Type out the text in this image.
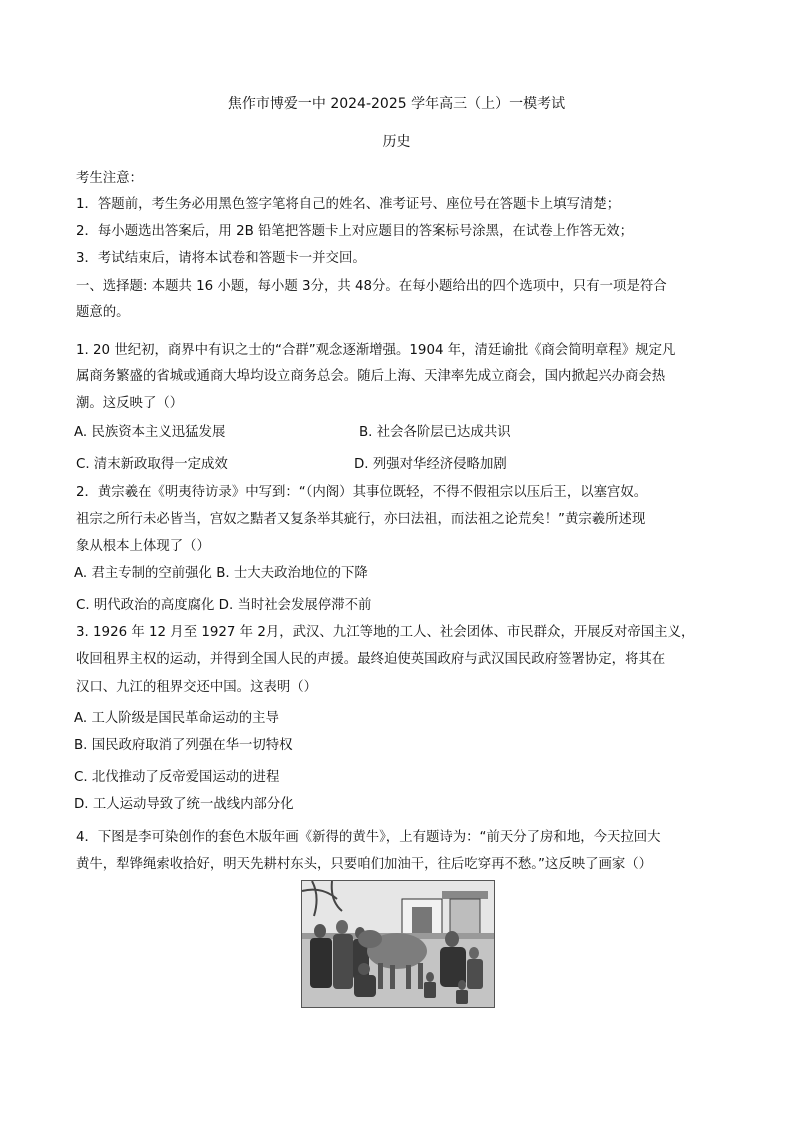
焦作市博爱一中 2024-2025 学年高三（上）一模考试
历史
考生注意：
1．答题前，考生务必用黑色签字笔将自己的姓名、准考证号、座位号在答题卡上填写清楚；
2．每小题选出答案后，用 2B 铅笔把答题卡上对应题目的答案标号涂黑，在试卷上作答无效；
3．考试结束后，请将本试卷和答题卡一并交回。
一、选择题: 本题共 16 小题，每小题 3分，共 48分。在每小题给出的四个选项中，只有一项是符合
题意的。
1. 20 世纪初，商界中有识之士的“合群”观念逐渐增强。1904 年，清廷谕批《商会简明章程》规定凡
属商务繁盛的省城或通商大埠均设立商务总会。随后上海、天津率先成立商会，国内掀起兴办商会热
潮。这反映了（）
A. 民族资本主义迅猛发展	B. 社会各阶层已达成共识
C. 清末新政取得一定成效	D. 列强对华经济侵略加剧
2．黄宗羲在《明夷待访录》中写到：“（内阁）其事位既轻，不得不假祖宗以压后王，以塞宫奴。
祖宗之所行未必皆当，宫奴之黠者又复条举其疵行，亦曰法祖，而法祖之论荒矣！”黄宗羲所述现
象从根本上体现了（）
A. 君主专制的空前强化 B. 士大夫政治地位的下降
C. 明代政治的高度腐化 D. 当时社会发展停滞不前
3. 1926 年 12 月至 1927 年 2月，武汉、九江等地的工人、社会团体、市民群众，开展反对帝国主义，
收回租界主权的运动，并得到全国人民的声援。最终迫使英国政府与武汉国民政府签署协定，将其在
汉口、九江的租界交还中国。这表明（）
A. 工人阶级是国民革命运动的主导
B. 国民政府取消了列强在华一切特权
C. 北伐推动了反帝爱国运动的进程
D. 工人运动导致了统一战线内部分化
4．下图是李可染创作的套色木版年画《新得的黄牛》，上有题诗为：“前天分了房和地，今天拉回大
黄牛，犁铧绳索收拾好，明天先耕村东头，只要咱们加油干，往后吃穿再不愁。”这反映了画家（）
